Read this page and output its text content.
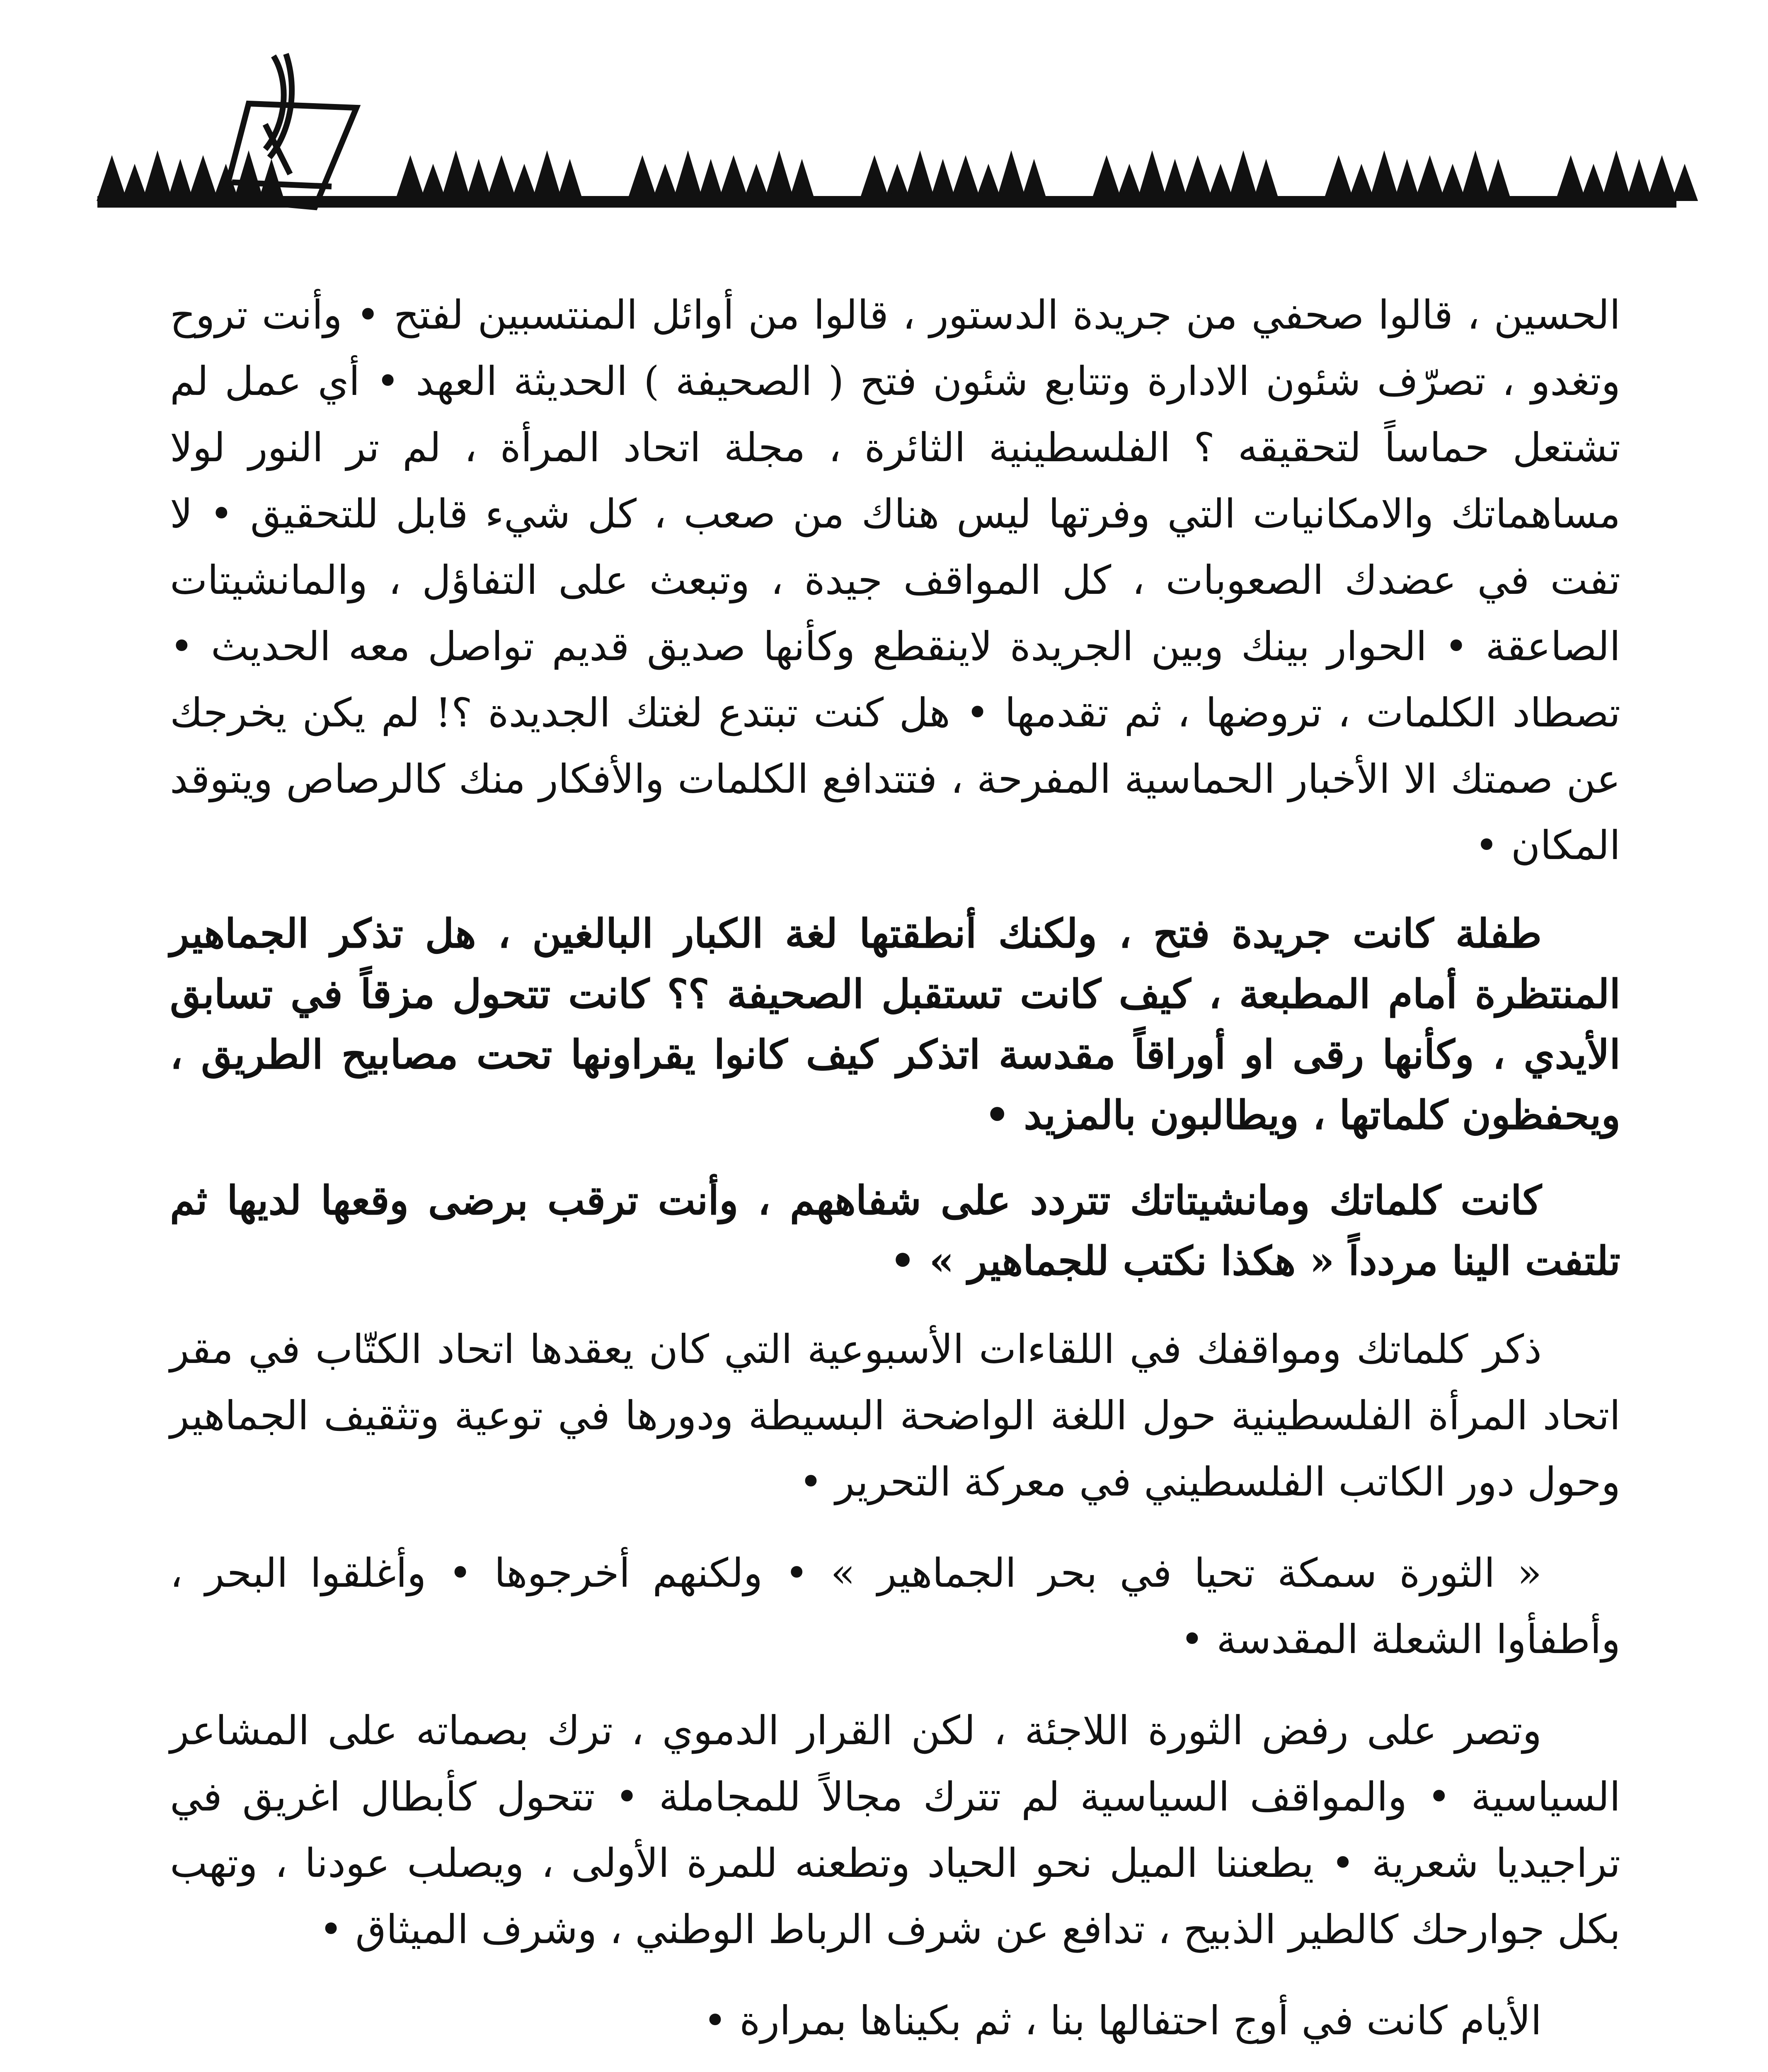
الحسين ، قالوا صحفي من جريدة الدستور ، قالوا من أوائل المنتسبين لفتح • وأنت تروح وتغدو ، تصرّف شئون الادارة وتتابع شئون فتح ( الصحيفة ) الحديثة العهد • أي عمل لم تشتعل حماساً لتحقيقه ؟ الفلسطينية الثائرة ، مجلة اتحاد المرأة ، لم تر النور لولا مساهماتك والامكانيات التي وفرتها ليس هناك من صعب ، كل شيء قابل للتحقيق • لا تفت في عضدك الصعوبات ، كل المواقف جيدة ، وتبعث على التفاؤل ، والمانشيتات الصاعقة • الحوار بينك وبين الجريدة لاينقطع وكأنها صديق قديم تواصل معه الحديث • تصطاد الكلمات ، تروضها ، ثم تقدمها • هل كنت تبتدع لغتك الجديدة ؟! لم يكن يخرجك عن صمتك الا الأخبار الحماسية المفرحة ، فتتدافع الكلمات والأفكار منك كالرصاص ويتوقد المكان •

طفلة كانت جريدة فتح ، ولكنك أنطقتها لغة الكبار البالغين ، هل تذكر الجماهير المنتظرة أمام المطبعة ، كيف كانت تستقبل الصحيفة ؟؟ كانت تتحول مزقاً في تسابق الأيدي ، وكأنها رقى او أوراقاً مقدسة اتذكر كيف كانوا يقراونها تحت مصابيح الطريق ، ويحفظون كلماتها ، ويطالبون بالمزيد •

كانت كلماتك ومانشيتاتك تتردد على شفاههم ، وأنت ترقب برضى وقعها لديها ثم تلتفت الينا مردداً « هكذا نكتب للجماهير » •

ذكر كلماتك ومواقفك في اللقاءات الأسبوعية التي كان يعقدها اتحاد الكتّاب في مقر اتحاد المرأة الفلسطينية حول اللغة الواضحة البسيطة ودورها في توعية وتثقيف الجماهير وحول دور الكاتب الفلسطيني في معركة التحرير •

« الثورة سمكة تحيا في بحر الجماهير » • ولكنهم أخرجوها • وأغلقوا البحر ، وأطفأوا الشعلة المقدسة •

وتصر على رفض الثورة اللاجئة ، لكن القرار الدموي ، ترك بصماته على المشاعر السياسية • والمواقف السياسية لم تترك مجالاً للمجاملة • تتحول كأبطال اغريق في تراجيديا شعرية • يطعننا الميل نحو الحياد وتطعنه للمرة الأولى ، ويصلب عودنا ، وتهب بكل جوارحك كالطير الذبيح ، تدافع عن شرف الرباط الوطني ، وشرف الميثاق •

الأيام كانت في أوج احتفالها بنا ، ثم بكيناها بمرارة •
